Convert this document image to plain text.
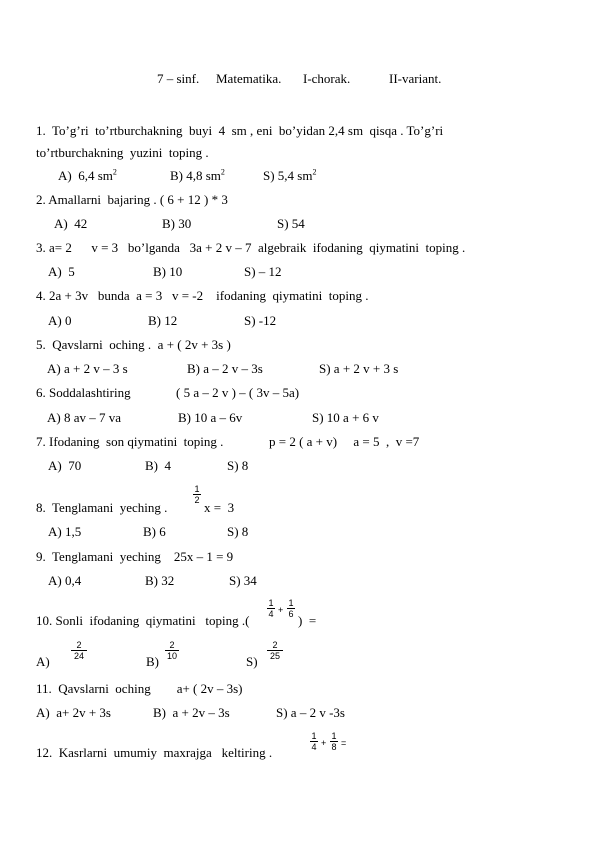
7 – sinf. Matematika. I-chorak.	II-variant.
1.  To’g’ri  to’rtburchakning  buyi  4  sm , eni  bo’yidan 2,4 sm  qisqa . To’g’ri
to’rtburchakning  yuzini  toping .
A)  6,4 $sm^2$	B) 4,8 $sm^2$	S) 5,4 $sm^2$
2. Amallarni  bajaring . ( 6 + 12 ) * 3
A)  42	B) 30	S) 54
3. a= 2      v = 3   bo’lganda   3a + 2 v – 7  algebraik  ifodaning  qiymatini  toping .
A)  5	B) 10	S) – 12
4. 2a + 3v   bunda  a = 3   v = -2    ifodaning  qiymatini  toping .
A) 0	B) 12	S) -12
5.  Qavslarni  oching .  a + ( 2v + 3s )
A) a + 2 v – 3 s	B) a – 2 v – 3s	S) a + 2 v + 3 s
6. Soddalashtiring	( 5 a – 2 v ) – ( 3v – 5a)
A) 8 av – 7 va	B) 10 a – 6v	S) 10 a + 6 v
7. Ifodaning  son qiymatini  toping .	p = 2 ( a + v)     a = 5  ,  v =7
A)  70	B)  4	S) 8
8.  Tenglamani  yeching .
1
2 x =  3
A) 1,5	B) 6	S) 8
9.  Tenglamani  yeching    25x – 1 = 9
A) 0,4	B) 32	S) 34
10. Sonli  ifodaning  qiymatini   toping .(
1
4 +
1
6 )  =
A)
2
24	B)
2
10	S)
2
25
11.  Qavslarni  oching        a+ ( 2v – 3s)
A)  a+ 2v + 3s	B)  a + 2v – 3s	S) a – 2 v -3s
12.  Kasrlarni  umumiy  maxrajga   keltiring .
1
4 +
1
8 =
